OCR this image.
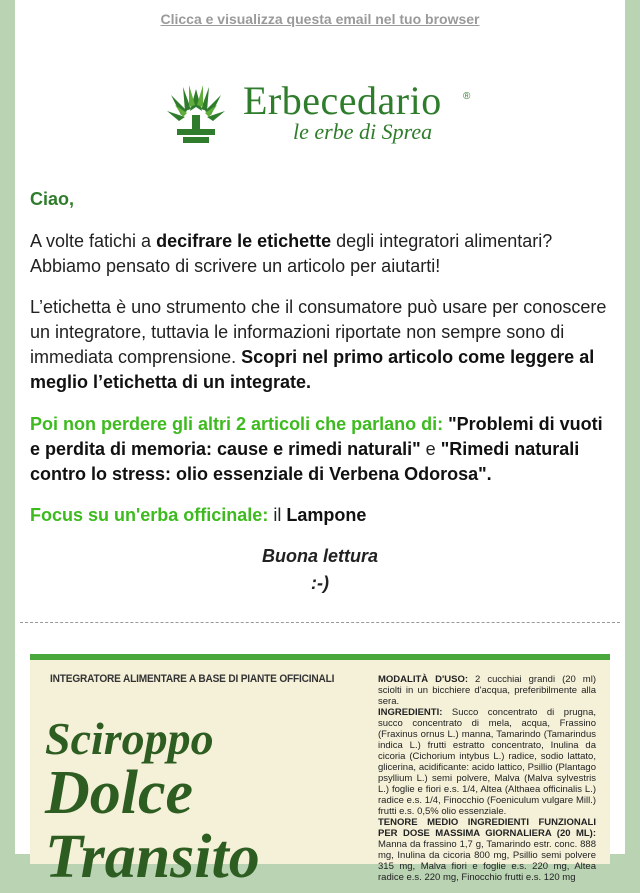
Clicca e visualizza questa email nel tuo browser
Erbecedario ®
le erbe di Sprea
Ciao,
A volte fatichi a decifrare le etichette degli integratori alimentari? Abbiamo pensato di scrivere un articolo per aiutarti!
L’etichetta è uno strumento che il consumatore può usare per conoscere un integratore, tuttavia le informazioni riportate non sempre sono di immediata comprensione. Scopri nel primo articolo come leggere al meglio l’etichetta di un integrate.
Poi non perdere gli altri 2 articoli che parlano di: "Problemi di vuoti e perdita di memoria: cause e rimedi naturali" e "Rimedi naturali contro lo stress: olio essenziale di Verbena Odorosa".
Focus su un'erba officinale: il Lampone
Buona lettura
:-)
INTEGRATORE ALIMENTARE A BASE DI PIANTE OFFICINALI
Sciroppo
Dolce
Transito
MODALITÀ D'USO: 2 cucchiai grandi (20 ml) sciolti in un bicchiere d'acqua, preferibilmente alla sera.
INGREDIENTI: Succo concentrato di prugna, succo concentrato di mela, acqua, Frassino (Fraxinus ornus L.) manna, Tamarindo (Tamarindus indica L.) frutti estratto concentrato, Inulina da cicoria (Cichorium intybus L.) radice, sodio lattato, glicerina, acidificante: acido lattico, Psillio (Plantago psyllium L.) semi polvere, Malva (Malva sylvestris L.) foglie e fiori e.s. 1/4, Altea (Althaea officinalis L.) radice e.s. 1/4, Finocchio (Foeniculum vulgare Mill.) frutti e.s. 0,5% olio essenziale.
TENORE MEDIO INGREDIENTI FUNZIONALI PER DOSE MASSIMA GIORNALIERA (20 ML): Manna da frassino 1,7 g, Tamarindo estr. conc. 888 mg, Inulina da cicoria 800 mg, Psillio semi polvere 315 mg, Malva fiori e foglie e.s. 220 mg, Altea radice e.s. 220 mg, Finocchio frutti e.s. 120 mg
